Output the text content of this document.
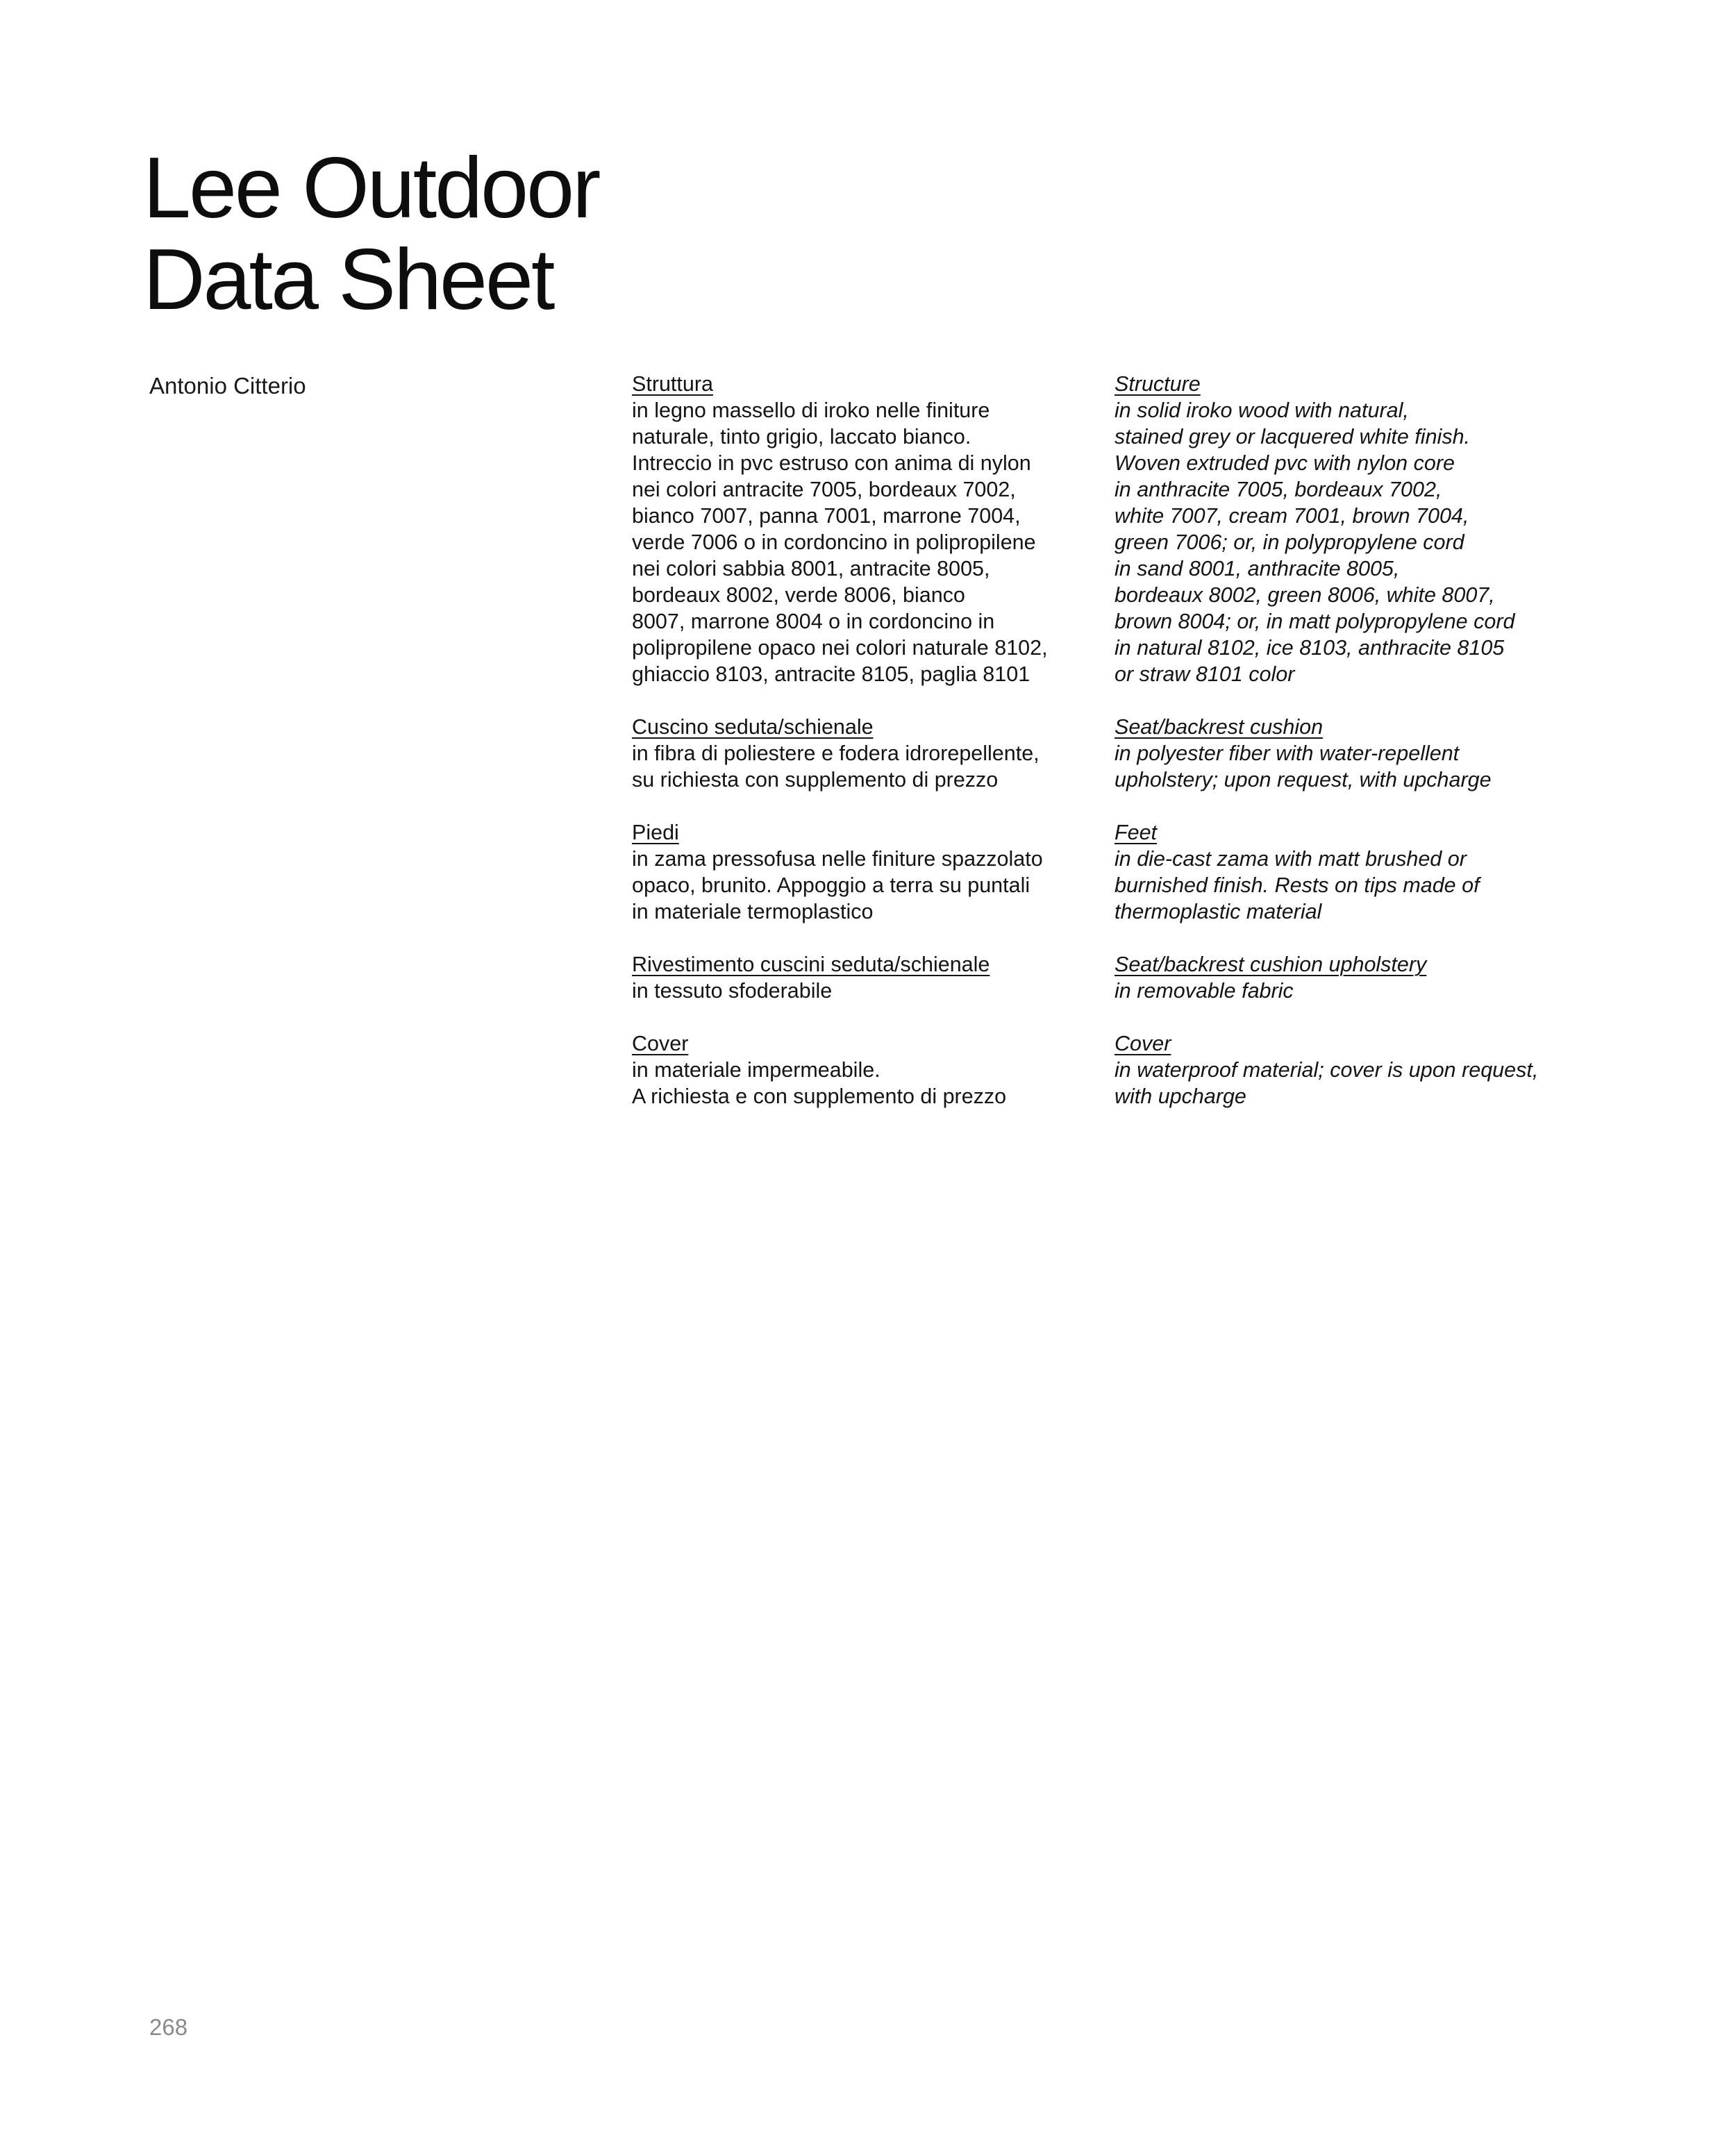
Lee Outdoor
Data Sheet
Antonio Citterio	Struttura
in legno massello di iroko nelle finiture
naturale, tinto grigio, laccato bianco.
Intreccio in pvc estruso con anima di nylon
nei colori antracite 7005, bordeaux 7002,
bianco 7007, panna 7001, marrone 7004,
verde 7006 o in cordoncino in polipropilene
nei colori sabbia 8001, antracite 8005,
bordeaux 8002, verde 8006, bianco
8007, marrone 8004 o in cordoncino in
polipropilene opaco nei colori naturale 8102,
ghiaccio 8103, antracite 8105, paglia 8101
Cuscino seduta/schienale
in fibra di poliestere e fodera idrorepellente,
su richiesta con supplemento di prezzo
Piedi
in zama pressofusa nelle finiture spazzolato
opaco, brunito. Appoggio a terra su puntali
in materiale termoplastico
Rivestimento cuscini seduta/schienale
in tessuto sfoderabile
Cover
in materiale impermeabile.
A richiesta e con supplemento di prezzo
Structure
in solid iroko wood with natural,
stained grey or lacquered white finish.
Woven extruded pvc with nylon core
in anthracite 7005, bordeaux 7002,
white 7007, cream 7001, brown 7004,
green 7006; or, in polypropylene cord
in sand 8001, anthracite 8005,
bordeaux 8002, green 8006, white 8007,
brown 8004; or, in matt polypropylene cord
in natural 8102, ice 8103, anthracite 8105
or straw 8101 color
Seat/backrest cushion
in polyester fiber with water-repellent
upholstery; upon request, with upcharge
Feet
in die-cast zama with matt brushed or
burnished finish. Rests on tips made of
thermoplastic material
Seat/backrest cushion upholstery
in removable fabric
Cover
in waterproof material; cover is upon request,
with upcharge
268
